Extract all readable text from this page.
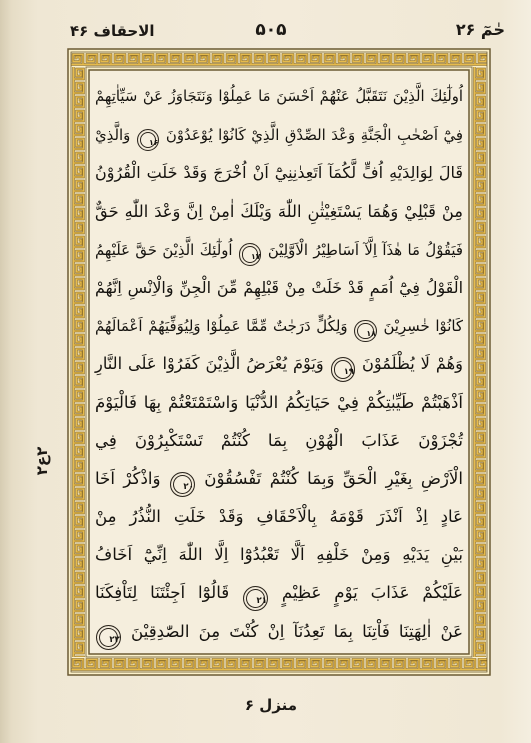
حٰمٓ ۲۶
۵۰۵
الاحقاف ۴۶
اُولٰٓئِكَ الَّذِيْنَ نَتَقَبَّلُ عَنْهُمْ اَحْسَنَ مَا عَمِلُوْا وَنَتَجَاوَزُ عَنْ سَيِّاٰتِهِمْ
فِيْٓ اَصْحٰبِ الْجَنَّةِ وَعْدَ الصِّدْقِ الَّذِيْ كَانُوْا يُوْعَدُوْنَ ۱۶ وَالَّذِيْ
قَالَ لِوَالِدَيْهِ اُفٍّ لَّكُمَآ اَتَعِدٰنِنِيْٓ اَنْ اُخْرَجَ وَقَدْ خَلَتِ الْقُرُوْنُ
مِنْ قَبْلِيْ وَهُمَا يَسْتَغِيْثٰنِ اللّٰهَ وَيْلَكَ اٰمِنْ اِنَّ وَعْدَ اللّٰهِ حَقٌّ
فَيَقُوْلُ مَا هٰذَآ اِلَّآ اَسَاطِيْرُ الْاَوَّلِيْنَ ۱۷ اُولٰٓئِكَ الَّذِيْنَ حَقَّ عَلَيْهِمُ
الْقَوْلُ فِيْٓ اُمَمٍ قَدْ خَلَتْ مِنْ قَبْلِهِمْ مِّنَ الْجِنِّ وَالْاِنْسِ اِنَّهُمْ
كَانُوْا خٰسِرِيْنَ ۱۸ وَلِكُلٍّ دَرَجٰتٌ مِّمَّا عَمِلُوْا وَلِيُوَفِّيَهُمْ اَعْمَالَهُمْ
وَهُمْ لَا يُظْلَمُوْنَ ۱۹ وَيَوْمَ يُعْرَضُ الَّذِيْنَ كَفَرُوْا عَلَى النَّارِ
اَذْهَبْتُمْ طَيِّبٰتِكُمْ فِيْ حَيَاتِكُمُ الدُّنْيَا وَاسْتَمْتَعْتُمْ بِهَا فَالْيَوْمَ
تُجْزَوْنَ عَذَابَ الْهُوْنِ بِمَا كُنْتُمْ تَسْتَكْبِرُوْنَ فِي
الْاَرْضِ بِغَيْرِ الْحَقِّ وَبِمَا كُنْتُمْ تَفْسُقُوْنَ ۲۰ وَاذْكُرْ اَخَا
عَادٍ اِذْ اَنْذَرَ قَوْمَهُ بِالْاَحْقَافِ وَقَدْ خَلَتِ النُّذُرُ مِنْ
بَيْنِ يَدَيْهِ وَمِنْ خَلْفِهِ اَلَّا تَعْبُدُوْٓا اِلَّا اللّٰهَ اِنِّيْٓ اَخَافُ
عَلَيْكُمْ عَذَابَ يَوْمٍ عَظِيْمٍ ۲۱ قَالُوْٓا اَجِئْتَنَا لِتَاْفِكَنَا
عَنْ اٰلِهَتِنَا فَاْتِنَا بِمَا تَعِدُنَآ اِنْ كُنْتَ مِنَ الصّٰدِقِيْنَ ۲۲
۲ع۲
منزل ۶
